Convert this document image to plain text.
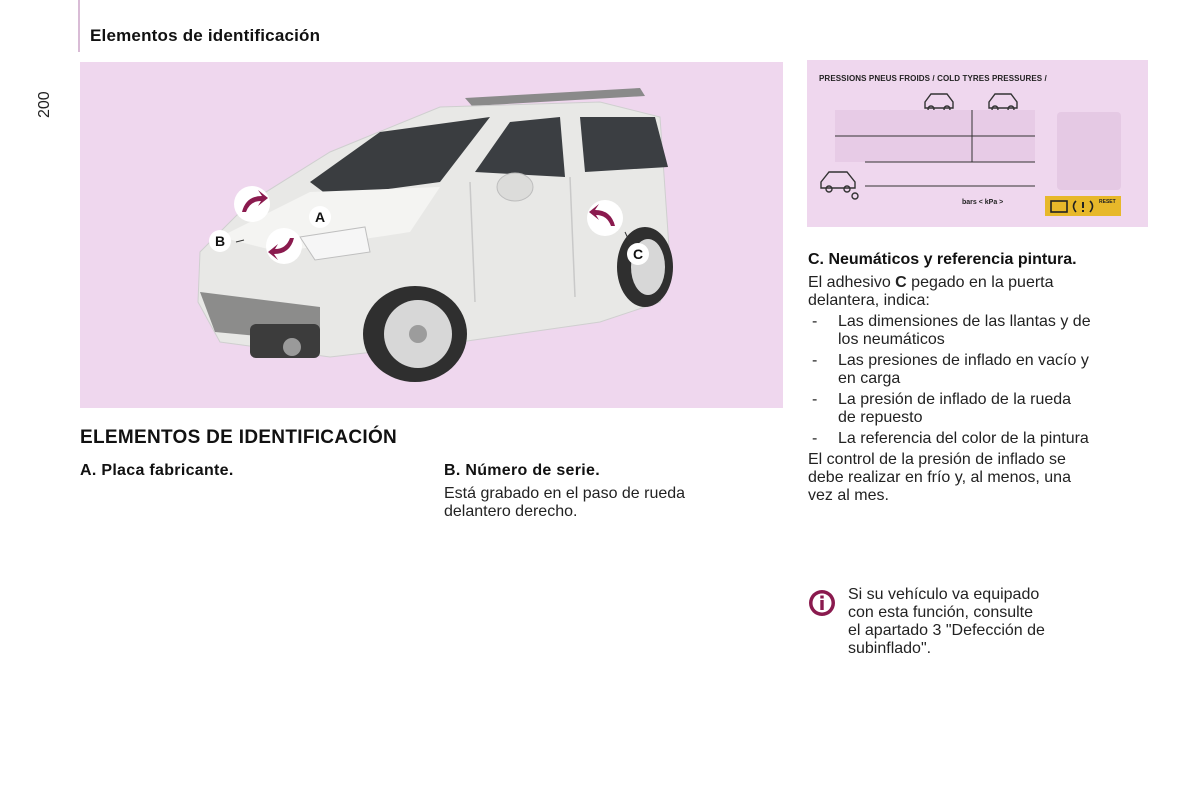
Elementos de identificación
200
B
A
C
PRESSIONS PNEUS FROIDS / COLD TYRES PRESSURES /
bars < kPa >	RESET
ELEMENTOS DE IDENTIFICACIÓN
A. Placa fabricante.	B. Número de serie.
Está grabado en el paso de rueda
delantero derecho.
C. Neumáticos y referencia pintura.

El adhesivo C pegado en la puerta

delantera, indica:

- Las dimensiones de las llantas y de
los neumáticos
- Las presiones de inflado en vacío y
en carga
- La presión de inflado de la rueda
de repuesto
- La referencia del color de la pintura

El control de la presión de inflado se

debe realizar en frío y, al menos, una

vez al mes.

Si su vehículo va equipado
con esta función, consulte
el apartado 3 "Defección de
subinflado".
